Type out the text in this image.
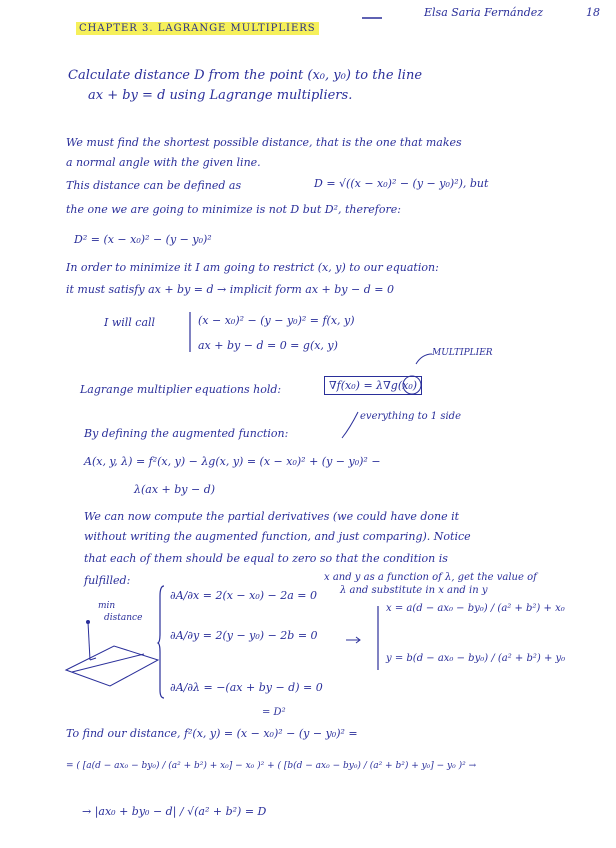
Elsa Saria Fernández	18
CHAPTER 3. LAGRANGE MULTIPLIERS
Calculate distance D from the point (x₀, y₀) to the line
ax + by = d using Lagrange multipliers.
We must find the shortest possible distance, that is the one that makes
a normal angle with the given line.
This distance can be defined as	D = √((x − x₀)² − (y − y₀)²), but
the one we are going to minimize is not D but D², therefore:
D² = (x − x₀)² − (y − y₀)²
In order to minimize it I am going to restrict (x, y) to our equation:
it must satisfy ax + by = d → implicit form ax + by − d = 0
I will call	(x − x₀)² − (y − y₀)² = f(x, y)
ax + by − d = 0 = g(x, y)
MULTIPLIER
Lagrange multiplier equations hold:	∇f(x₀) = λ∇g(x₀)
everything to 1 side
By defining the augmented function:
A(x, y, λ) = f²(x, y) − λg(x, y) = (x − x₀)² + (y − y₀)² −
λ(ax + by − d)
We can now compute the partial derivatives (we could have done it
without writing the augmented function, and just comparing). Notice
that each of them should be equal to zero so that the condition is
fulfilled:	x and y as a function of λ, get the value of
λ and substitute in x and in y
min
distance
∂A/∂x = 2(x − x₀) − 2a = 0
∂A/∂y = 2(y − y₀) − 2b = 0
∂A/∂λ = −(ax + by − d) = 0
x = a(d − ax₀ − by₀) / (a² + b²) + x₀
y = b(d − ax₀ − by₀) / (a² + b²) + y₀
= D²
To find our distance, f²(x, y) = (x − x₀)² − (y − y₀)² =
= ( [a(d − ax₀ − by₀) / (a² + b²) + x₀] − x₀ )² + ( [b(d − ax₀ − by₀) / (a² + b²) + y₀] − y₀ )² →
→ |ax₀ + by₀ − d| / √(a² + b²) = D
